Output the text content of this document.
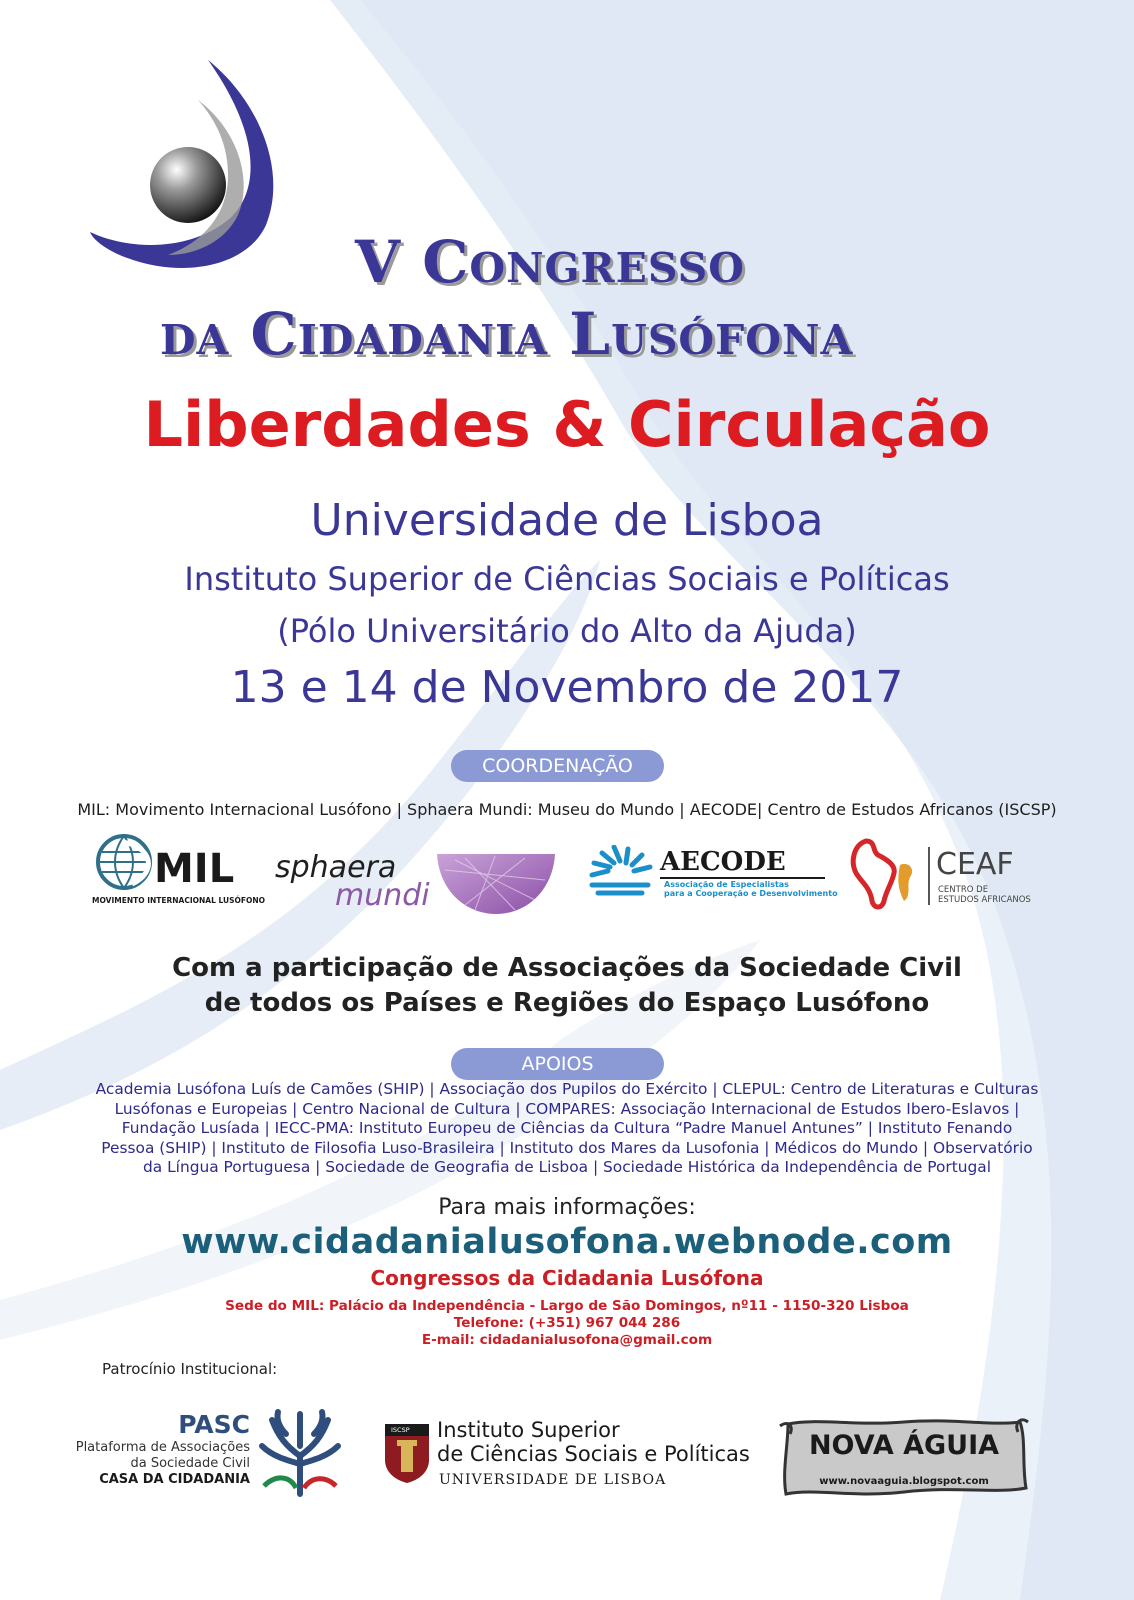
V Congresso
da Cidadania Lusófona
Liberdades & Circulação
Universidade de Lisboa
Instituto Superior de Ciências Sociais e Políticas
(Pólo Universitário do Alto da Ajuda)
13 e 14 de Novembro de 2017
COORDENAÇÃO
MIL: Movimento Internacional Lusófono | Sphaera Mundi: Museu do Mundo | AECODE| Centro de Estudos Africanos (ISCSP)
MIL
MOVIMENTO INTERNACIONAL LUSÓFONO
sphaera
mundi
AECODE
Associação de Especialistas
para a Cooperação e Desenvolvimento
CEAF
CENTRO DE
ESTUDOS AFRICANOS
Com a participação de Associações da Sociedade Civil
de todos os Países e Regiões do Espaço Lusófono
APOIOS
Academia Lusófona Luís de Camões (SHIP) | Associação dos Pupilos do Exército | CLEPUL: Centro de Literaturas e Culturas
Lusófonas e Europeias | Centro Nacional de Cultura | COMPARES: Associação Internacional de Estudos Ibero-Eslavos |
Fundação Lusíada | IECC-PMA: Instituto Europeu de Ciências da Cultura “Padre Manuel Antunes” | Instituto Fenando
Pessoa (SHIP) | Instituto de Filosofia Luso-Brasileira | Instituto dos Mares da Lusofonia | Médicos do Mundo | Observatório
da Língua Portuguesa | Sociedade de Geografia de Lisboa | Sociedade Histórica da Independência de Portugal
Para mais informações:
www.cidadanialusofona.webnode.com
Congressos da Cidadania Lusófona
Sede do MIL: Palácio da Independência - Largo de São Domingos, nº11 - 1150-320 Lisboa
Telefone: (+351) 967 044 286
E-mail: cidadanialusofona@gmail.com
Patrocínio Institucional:
PASC
Plataforma de Associações
da Sociedade Civil
CASA DA CIDADANIA
ISCSP Instituto Superior
de Ciências Sociais e Políticas
UNIVERSIDADE DE LISBOA
NOVA ÁGUIA
www.novaaguia.blogspot.com
